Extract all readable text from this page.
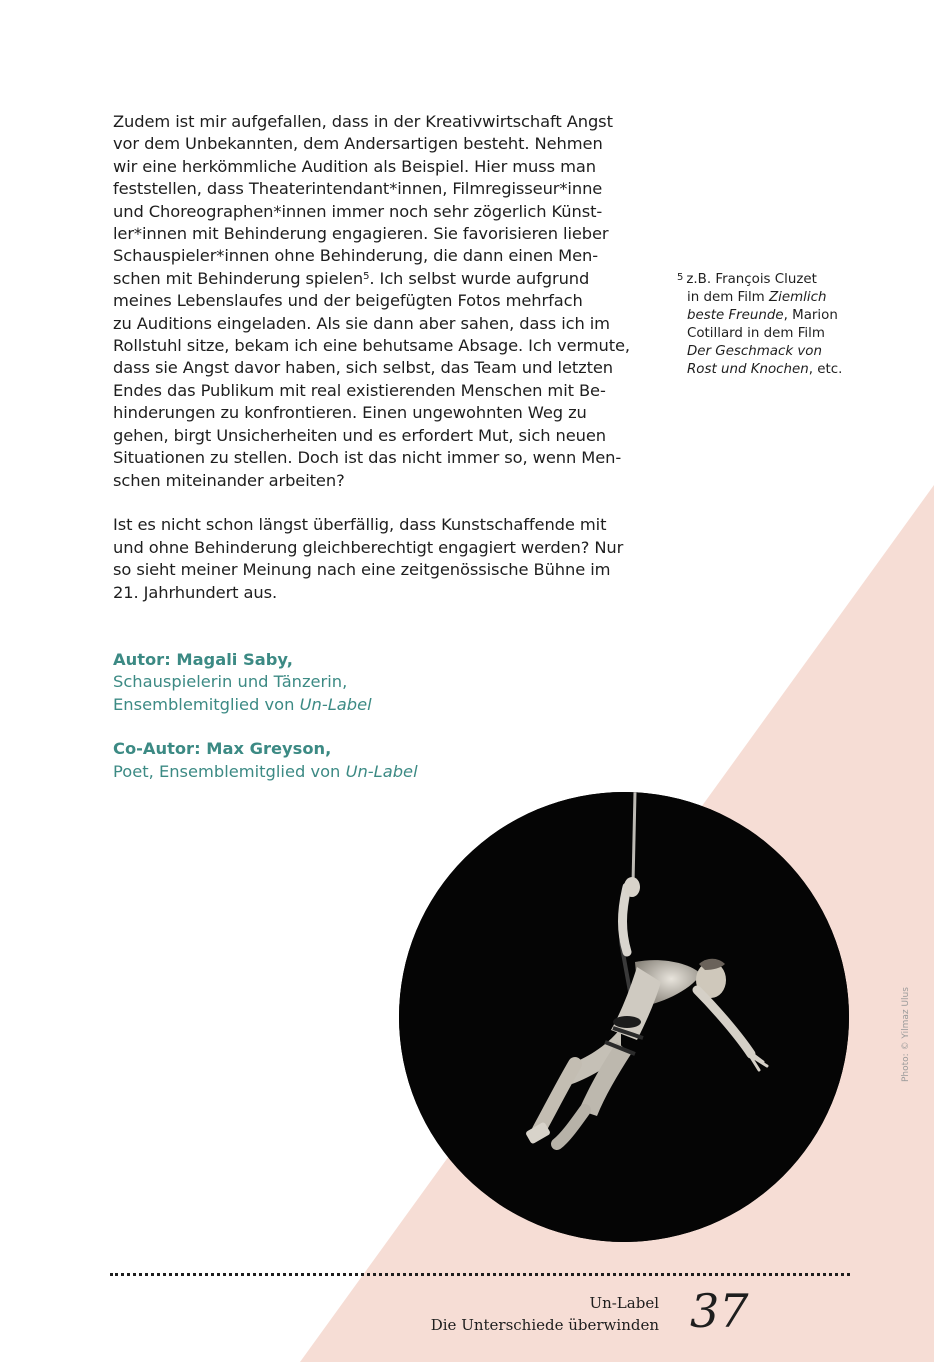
Zudem ist mir aufgefallen, dass in der Kreativwirtschaft Angst
vor dem Unbekannten, dem Andersartigen besteht. Nehmen
wir eine herkömmliche Audition als Beispiel. Hier muss man
feststellen, dass Theaterintendant*innen, Filmregisseur*inne
und Choreographen*innen immer noch sehr zögerlich Künst-
ler*innen mit Behinderung engagieren. Sie favorisieren lieber
Schauspieler*innen ohne Behinderung, die dann einen Men-
schen mit Behinderung spielen$^5$. Ich selbst wurde aufgrund
meines Lebenslaufes und der beigefügten Fotos mehrfach
zu Auditions eingeladen. Als sie dann aber sahen, dass ich im
Rollstuhl sitze, bekam ich eine behutsame Absage. Ich vermute,
dass sie Angst davor haben, sich selbst, das Team und letzten
Endes das Publikum mit real existierenden Menschen mit Be-
hinderungen zu konfrontieren. Einen ungewohnten Weg zu
gehen, birgt Unsicherheiten und es erfordert Mut, sich neuen
Situationen zu stellen. Doch ist das nicht immer so, wenn Men-
schen miteinander arbeiten?

Ist es nicht schon längst überfällig, dass Kunstschaffende mit
und ohne Behinderung gleichberechtigt engagiert werden? Nur
so sieht meiner Meinung nach eine zeitgenössische Bühne im
21. Jahrhundert aus.

$^5$ z.B. François Cluzet
in dem Film Ziemlich
beste Freunde, Marion
Cotillard in dem Film
Der Geschmack von
Rost und Knochen, etc.
Autor: Magali Saby,
Schauspielerin und Tänzerin,
Ensemblemitglied von Un-Label
Co-Autor: Max Greyson,
Poet, Ensemblemitglied von Un-Label
Photo: © Yilmaz Ulus
Un-Label
Die Unterschiede überwinden 37
